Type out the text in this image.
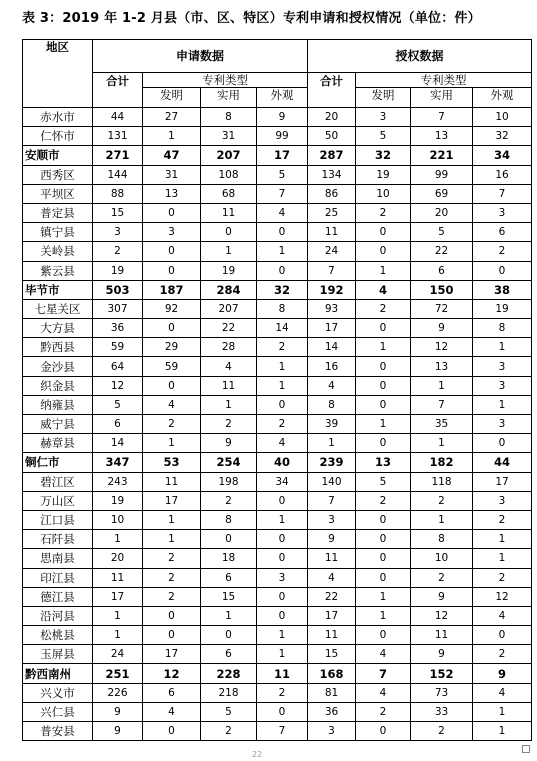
表 3：2019 年 1-2 月县（市、区、特区）专利申请和授权情况（单位：件）
地区	申请数据				授权数据			
	合计	专利类型			合计	专利类型		
		发明	实用	外观		发明	实用	外观
赤水市	44	27	8	9	20	3	7	10
仁怀市	131	1	31	99	50	5	13	32
安顺市	271	47	207	17	287	32	221	34
西秀区	144	31	108	5	134	19	99	16
平坝区	88	13	68	7	86	10	69	7
普定县	15	0	11	4	25	2	20	3
镇宁县	3	3	0	0	11	0	5	6
关岭县	2	0	1	1	24	0	22	2
紫云县	19	0	19	0	7	1	6	0
毕节市	503	187	284	32	192	4	150	38
七星关区	307	92	207	8	93	2	72	19
大方县	36	0	22	14	17	0	9	8
黔西县	59	29	28	2	14	1	12	1
金沙县	64	59	4	1	16	0	13	3
织金县	12	0	11	1	4	0	1	3
纳雍县	5	4	1	0	8	0	7	1
威宁县	6	2	2	2	39	1	35	3
赫章县	14	1	9	4	1	0	1	0
铜仁市	347	53	254	40	239	13	182	44
碧江区	243	11	198	34	140	5	118	17
万山区	19	17	2	0	7	2	2	3
江口县	10	1	8	1	3	0	1	2
石阡县	1	1	0	0	9	0	8	1
思南县	20	2	18	0	11	0	10	1
印江县	11	2	6	3	4	0	2	2
德江县	17	2	15	0	22	1	9	12
沿河县	1	0	1	0	17	1	12	4
松桃县	1	0	0	1	11	0	11	0
玉屏县	24	17	6	1	15	4	9	2
黔西南州	251	12	228	11	168	7	152	9
兴义市	226	6	218	2	81	4	73	4
兴仁县	9	4	5	0	36	2	33	1
普安县	9	0	2	7	3	0	2	1
22
